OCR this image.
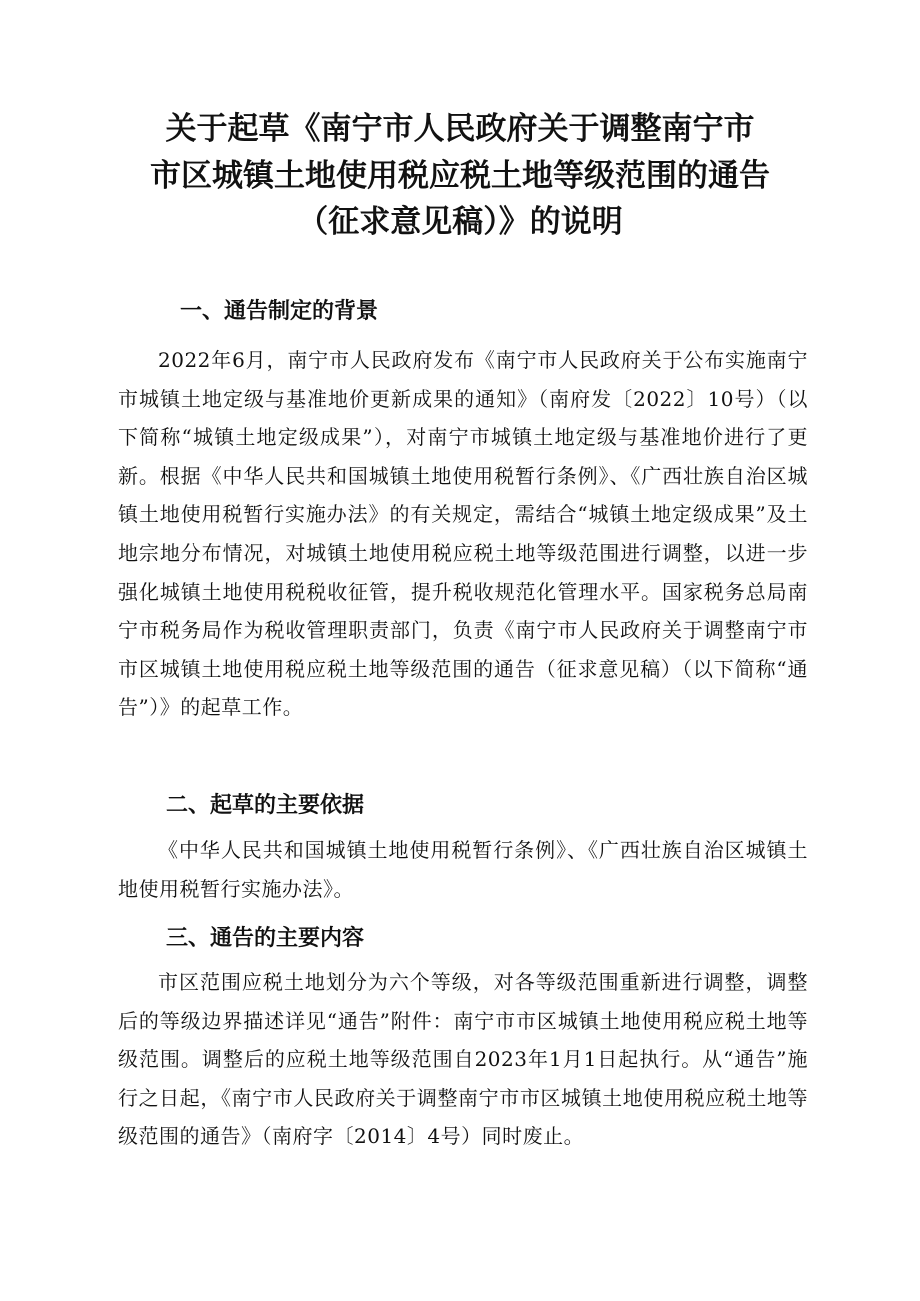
关于起草《南宁市人民政府关于调整南宁市
市区城镇土地使用税应税土地等级范围的通告
（征求意见稿）》的说明
一、通告制定的背景

2022年6月，南宁市人民政府发布《南宁市人民政府关于公布实施南宁市城镇土地定级与基准地价更新成果的通知》（南府发〔2022〕10号）（以下简称“城镇土地定级成果”），对南宁市城镇土地定级与基准地价进行了更新。根据《中华人民共和国城镇土地使用税暂行条例》、《广西壮族自治区城镇土地使用税暂行实施办法》的有关规定，需结合“城镇土地定级成果”及土地宗地分布情况，对城镇土地使用税应税土地等级范围进行调整，以进一步强化城镇土地使用税税收征管，提升税收规范化管理水平。国家税务总局南宁市税务局作为税收管理职责部门，负责《南宁市人民政府关于调整南宁市市区城镇土地使用税应税土地等级范围的通告（征求意见稿）（以下简称“通告”）》的起草工作。

二、起草的主要依据

《中华人民共和国城镇土地使用税暂行条例》、《广西壮族自治区城镇土地使用税暂行实施办法》。

三、通告的主要内容

市区范围应税土地划分为六个等级，对各等级范围重新进行调整，调整后的等级边界描述详见“通告”附件：南宁市市区城镇土地使用税应税土地等级范围。调整后的应税土地等级范围自2023年1月1日起执行。从“通告”施行之日起，《南宁市人民政府关于调整南宁市市区城镇土地使用税应税土地等级范围的通告》（南府字〔2014〕4号）同时废止。
